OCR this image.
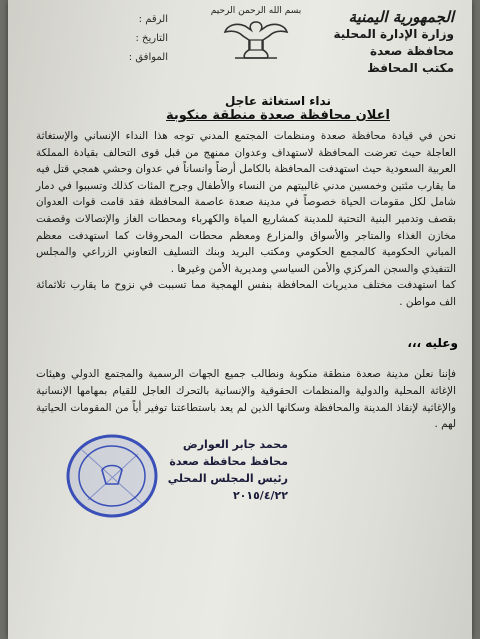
الجمهورية اليمنية
وزارة الإدارة المحلية
محافظة صعدة
مكتب المحافظ
بسم الله الرحمن الرحيم
الرقم :
التاريخ :
الموافق :
نداء استغاثة عاجل
اعلان محافظة صعدة منطقة منكوبة

نحن في قيادة محافظة صعدة ومنظمات المجتمع المدني توجه هذا النداء الإنساني والإستغاثة العاجلة حيث تعرضت المحافظة لاستهداف وعدوان ممنهج من قبل قوى التحالف بقيادة المملكة العربية السعودية حيث استهدفت المحافظة بالكامل أرضاً وانساناً في عدوان وحشي همجي قتل فيه ما يقارب مئتين وخمسين مدني غالبيتهم من النساء والأطفال وجرح المئات كذلك وتسببوا في دمار شامل لكل مقومات الحياة خصوصاً في مدينة صعدة عاصمة المحافظة فقد قامت قوات العدوان بقصف وتدمير البنية التحتية للمدينة كمشاريع المياة والكهرباء ومحطات الغاز والإتصالات وقصفت مخازن الغذاء والمتاجر والأسواق والمزارع ومعظم محطات المحروقات كما استهدفت معظم المباني الحكومية كالمجمع الحكومي ومكتب البريد وبنك التسليف التعاوني الزراعي والمجلس التنفيذي والسجن المركزي والأمن السياسي ومديرية الأمن وغيرها .

كما استهدفت مختلف مديريات المحافظة بنفس الهمجية مما تسببت في نزوح ما يقارب ثلاثمائة الف مواطن .

وعليه ،،،

فإننا نعلن مدينة صعدة منطقة منكوبة ونطالب جميع الجهات الرسمية والمجتمع الدولي وهيئات الإغاثة المحلية والدولية والمنظمات الحقوقية والإنسانية بالتحرك العاجل للقيام بمهامها الإنسانية والإغاثية لإنقاذ المدينة والمحافظة وسكانها الذين لم يعد باستطاعتنا توفير أياً من المقومات الحياتية لهم .

محمد جابر العوارض
محافظ محافظة صعدة
رئيس المجلس المحلي
٢٠١٥/٤/٢٢
